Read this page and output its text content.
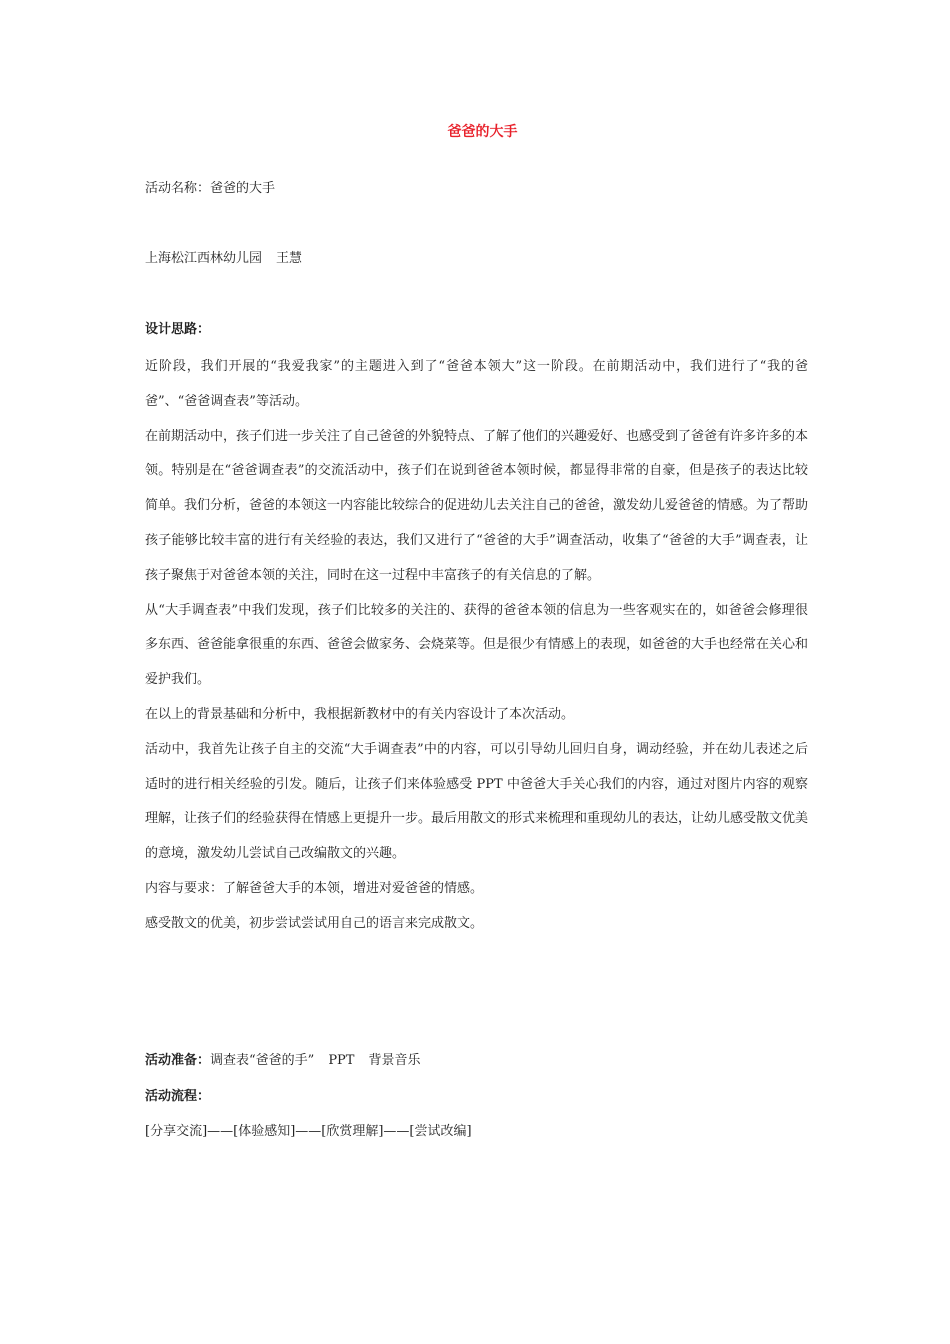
爸爸的大手
活动名称：爸爸的大手
上海松江西林幼儿园 王慧
设计思路：

近阶段，我们开展的“我爱我家”的主题进入到了“爸爸本领大”这一阶段。在前期活动中，我们进行了“我的爸爸”、“爸爸调查表”等活动。

在前期活动中，孩子们进一步关注了自己爸爸的外貌特点、了解了他们的兴趣爱好、也感受到了爸爸有许多许多的本领。特别是在“爸爸调查表”的交流活动中，孩子们在说到爸爸本领时候，都显得非常的自豪，但是孩子的表达比较简单。我们分析，爸爸的本领这一内容能比较综合的促进幼儿去关注自己的爸爸，激发幼儿爱爸爸的情感。为了帮助孩子能够比较丰富的进行有关经验的表达，我们又进行了“爸爸的大手”调查活动，收集了“爸爸的大手”调查表，让孩子聚焦于对爸爸本领的关注，同时在这一过程中丰富孩子的有关信息的了解。

从“大手调查表”中我们发现，孩子们比较多的关注的、获得的爸爸本领的信息为一些客观实在的，如爸爸会修理很多东西、爸爸能拿很重的东西、爸爸会做家务、会烧菜等。但是很少有情感上的表现，如爸爸的大手也经常在关心和爱护我们。

在以上的背景基础和分析中，我根据新教材中的有关内容设计了本次活动。

活动中，我首先让孩子自主的交流“大手调查表”中的内容，可以引导幼儿回归自身，调动经验，并在幼儿表述之后适时的进行相关经验的引发。随后，让孩子们来体验感受 PPT 中爸爸大手关心我们的内容，通过对图片内容的观察理解，让孩子们的经验获得在情感上更提升一步。最后用散文的形式来梳理和重现幼儿的表达，让幼儿感受散文优美的意境，激发幼儿尝试自己改编散文的兴趣。

内容与要求：了解爸爸大手的本领，增进对爱爸爸的情感。

感受散文的优美，初步尝试尝试用自己的语言来完成散文。

活动准备：调查表“爸爸的手” PPT 背景音乐
活动流程：
[分享交流]——[体验感知]——[欣赏理解]——[尝试改编]
